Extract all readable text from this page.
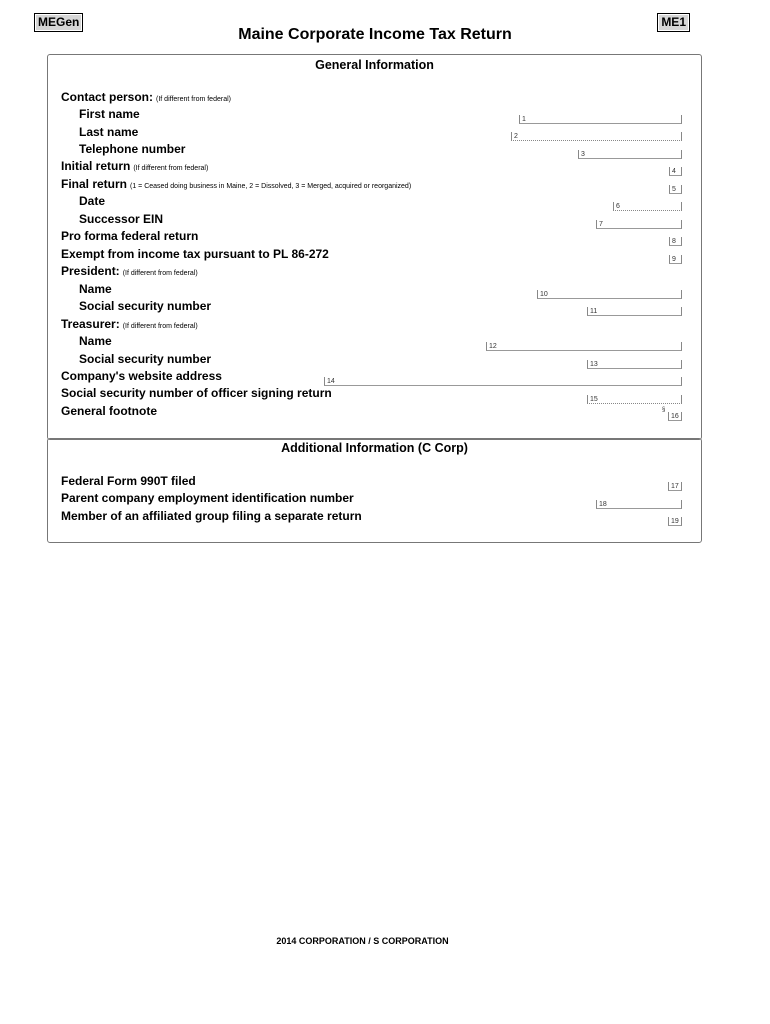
MEGen	ME1
Maine Corporate Income Tax Return
General Information
Contact person: (If different from federal)
First name
Last name
Telephone number
Initial return (If different from federal)
Final return (1 = Ceased doing business in Maine, 2 = Dissolved, 3 = Merged, acquired or reorganized)
Date
Successor EIN
Pro forma federal return
Exempt from income tax pursuant to PL 86-272
President: (If different from federal)
Name
Social security number
Treasurer: (If different from federal)
Name
Social security number
Company's website address
Social security number of officer signing return
General footnote
1
2
3
4
5
6
7
8
9
10
11
12
13
14
15
§
16
Additional Information (C Corp)
Federal Form 990T filed
Parent company employment identification number
Member of an affiliated group filing a separate return
17
18
19
2014 CORPORATION / S CORPORATION
